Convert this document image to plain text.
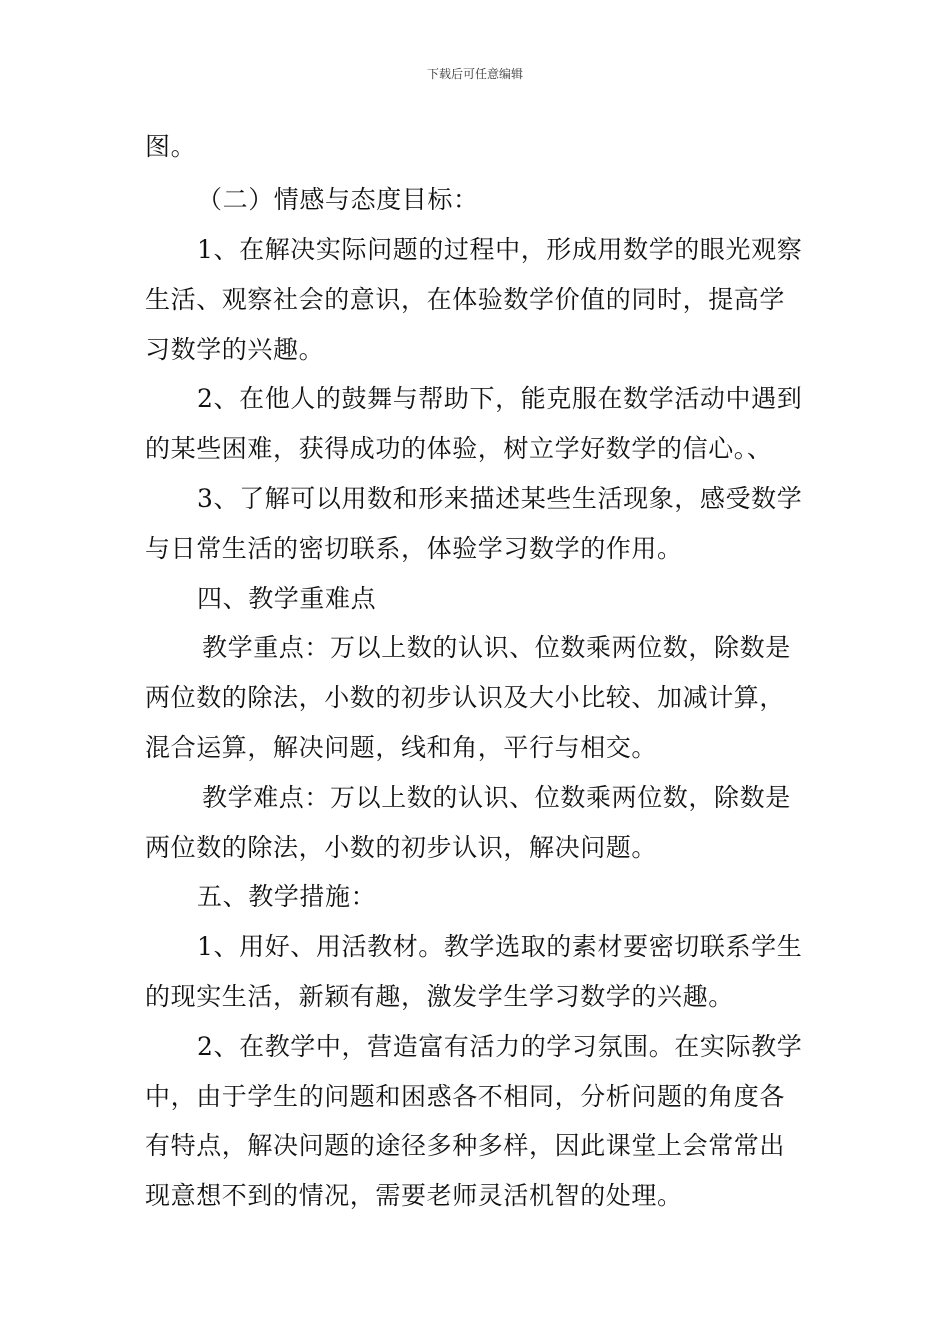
下载后可任意编辑
图。
（二）情感与态度目标：
1、在解决实际问题的过程中，形成用数学的眼光观察
生活、观察社会的意识，在体验数学价值的同时，提高学
习数学的兴趣。
2、在他人的鼓舞与帮助下，能克服在数学活动中遇到
的某些困难，获得成功的体验，树立学好数学的信心。、
3、了解可以用数和形来描述某些生活现象，感受数学
与日常生活的密切联系，体验学习数学的作用。
四、教学重难点
教学重点：万以上数的认识、位数乘两位数，除数是
两位数的除法，小数的初步认识及大小比较、加减计算，
混合运算，解决问题，线和角，平行与相交。
教学难点：万以上数的认识、位数乘两位数，除数是
两位数的除法，小数的初步认识，解决问题。
五、教学措施：
1、用好、用活教材。教学选取的素材要密切联系学生
的现实生活，新颖有趣，激发学生学习数学的兴趣。
2、在教学中，营造富有活力的学习氛围。在实际教学
中，由于学生的问题和困惑各不相同，分析问题的角度各
有特点，解决问题的途径多种多样，因此课堂上会常常出
现意想不到的情况，需要老师灵活机智的处理。
